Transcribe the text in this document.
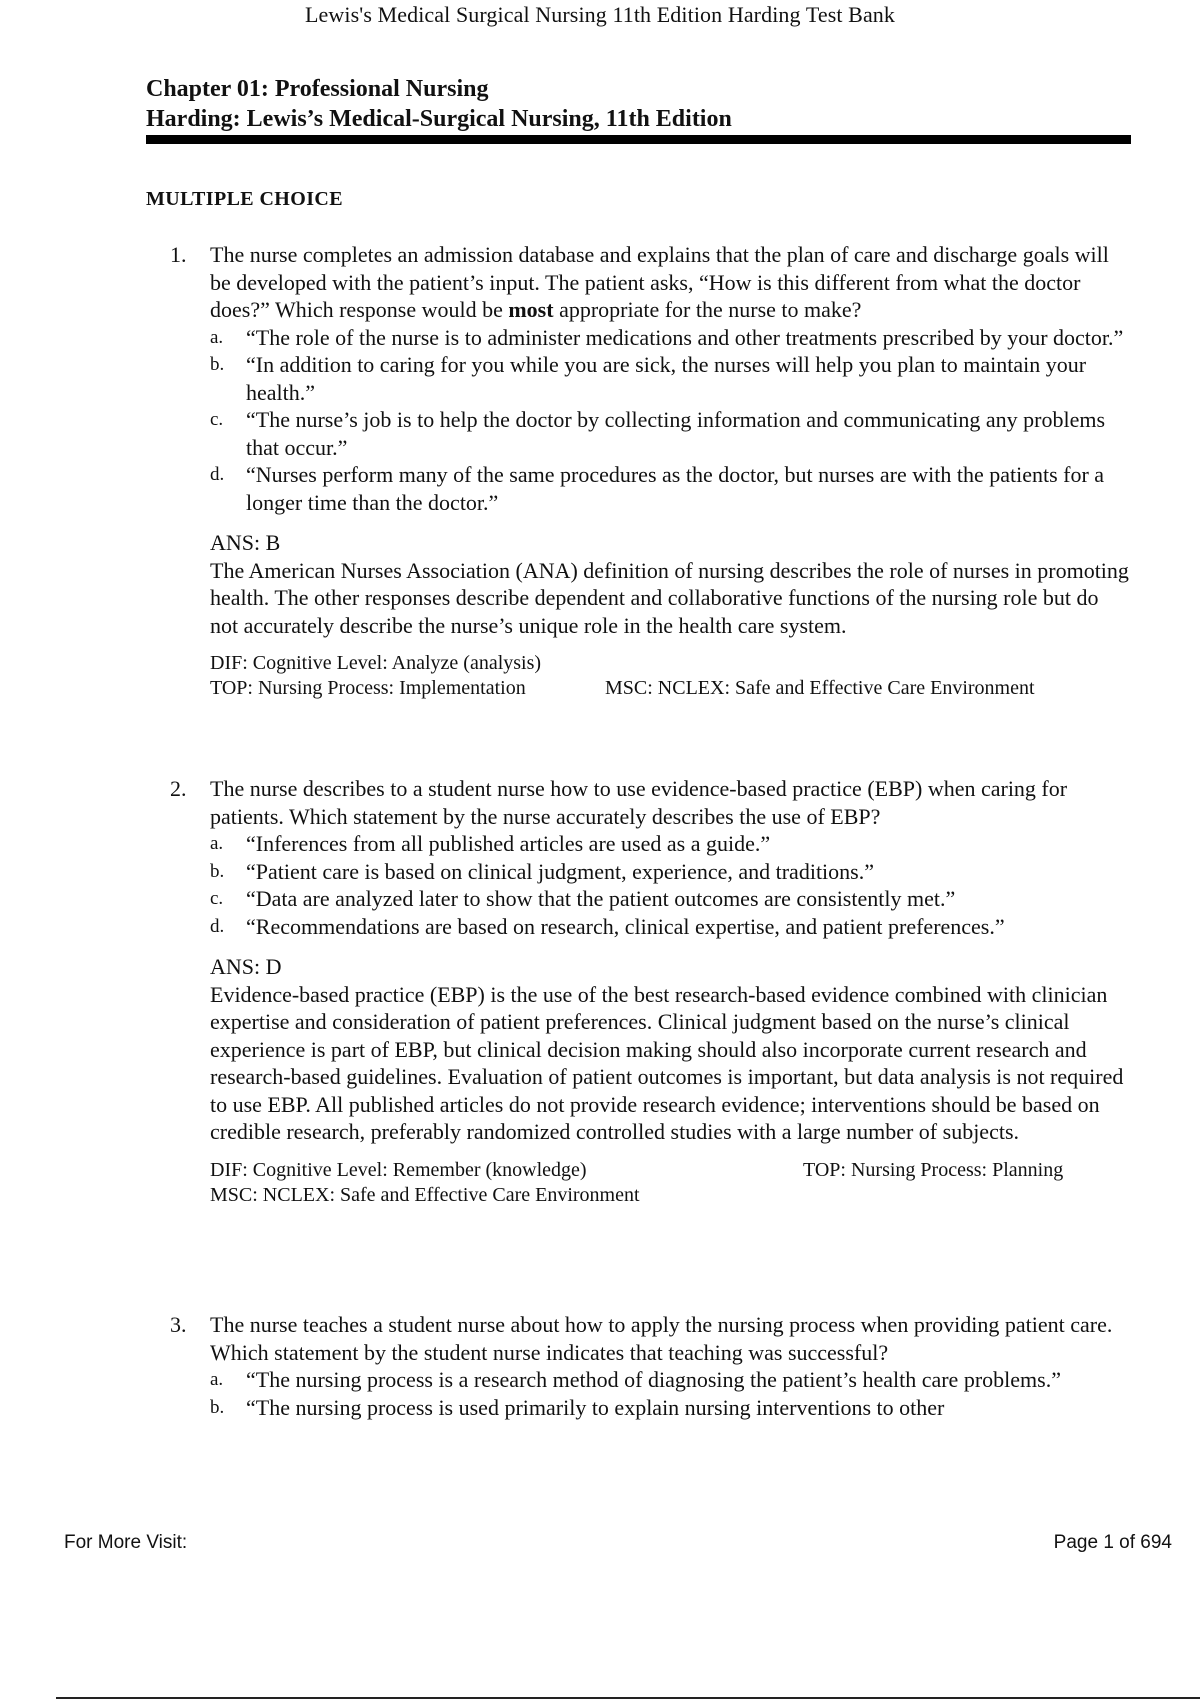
Lewis's Medical Surgical Nursing 11th Edition Harding Test Bank
Chapter 01: Professional Nursing
Harding: Lewis’s Medical-Surgical Nursing, 11th Edition
MULTIPLE CHOICE
1.	The nurse completes an admission database and explains that the plan of care and discharge goals will be developed with the patient’s input. The patient asks, “How is this different from what the doctor does?” Which response would be most appropriate for the nurse to make?

a. “The role of the nurse is to administer medications and other treatments prescribed by your doctor.”
b. “In addition to caring for you while you are sick, the nurses will help you plan to maintain your health.”
c. “The nurse’s job is to help the doctor by collecting information and communicating any problems that occur.”
d. “Nurses perform many of the same procedures as the doctor, but nurses are with the patients for a longer time than the doctor.”
ANS: B

The American Nurses Association (ANA) definition of nursing describes the role of nurses in promoting health. The other responses describe dependent and collaborative functions of the nursing role but do not accurately describe the nurse’s unique role in the health care system.

DIF: Cognitive Level: Analyze (analysis)
TOP: Nursing Process: Implementation	MSC: NCLEX: Safe and Effective Care Environment
2.	The nurse describes to a student nurse how to use evidence-based practice (EBP) when caring for patients. Which statement by the nurse accurately describes the use of EBP?

a. “Inferences from all published articles are used as a guide.”
b. “Patient care is based on clinical judgment, experience, and traditions.”
c. “Data are analyzed later to show that the patient outcomes are consistently met.”
d. “Recommendations are based on research, clinical expertise, and patient preferences.”
ANS: D

Evidence-based practice (EBP) is the use of the best research-based evidence combined with clinician expertise and consideration of patient preferences. Clinical judgment based on the nurse’s clinical experience is part of EBP, but clinical decision making should also incorporate current research and research-based guidelines. Evaluation of patient outcomes is important, but data analysis is not required to use EBP. All published articles do not provide research evidence; interventions should be based on credible research, preferably randomized controlled studies with a large number of subjects.

DIF: Cognitive Level: Remember (knowledge)	TOP: Nursing Process: Planning
MSC: NCLEX: Safe and Effective Care Environment
3.	The nurse teaches a student nurse about how to apply the nursing process when providing patient care. Which statement by the student nurse indicates that teaching was successful?

a. “The nursing process is a research method of diagnosing the patient’s health care problems.”
b. “The nursing process is used primarily to explain nursing interventions to other
For More Visit:	Page 1 of 694
